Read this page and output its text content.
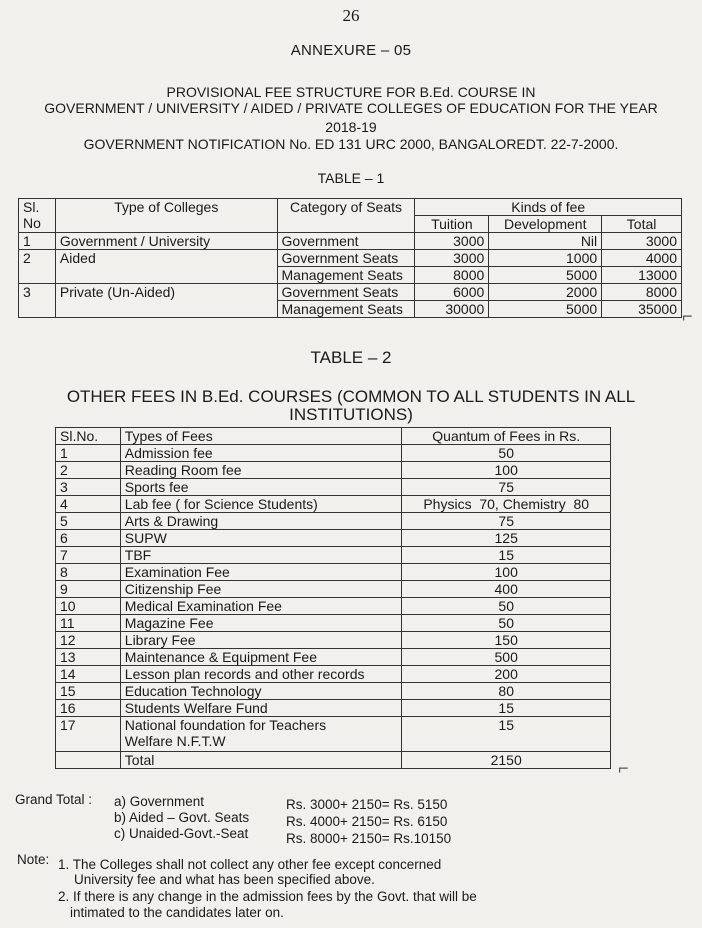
26
ANNEXURE – 05
PROVISIONAL FEE STRUCTURE FOR B.Ed. COURSE IN
GOVERNMENT / UNIVERSITY / AIDED / PRIVATE COLLEGES OF EDUCATION FOR THE YEAR
2018-19
GOVERNMENT NOTIFICATION No. ED 131 URC 2000, BANGALOREDT. 22-7-2000.
TABLE – 1
Sl.
No	Type of Colleges	Category of Seats	Kinds of fee		
			Tuition	Development	Total
1	Government / University	Government	3000	Nil	3000
2	Aided	Government Seats	3000	1000	4000
		Management Seats	8000	5000	13000
3	Private (Un-Aided)	Government Seats	6000	2000	8000
		Management Seats	30000	5000	35000 ⌐
TABLE – 2
OTHER FEES IN B.Ed. COURSES (COMMON TO ALL STUDENTS IN ALL
INSTITUTIONS)
Sl.No.	Types of Fees	Quantum of Fees in Rs.
1	Admission fee	50
2	Reading Room fee	100
3	Sports fee	75
4	Lab fee ( for Science Students)	Physics  70, Chemistry  80
5	Arts & Drawing	75
6	SUPW	125
7	TBF	15
8	Examination Fee	100
9	Citizenship Fee	400
10	Medical Examination Fee	50
11	Magazine Fee	50
12	Library Fee	150
13	Maintenance & Equipment Fee	500
14	Lesson plan records and other records	200
15	Education Technology	80
16	Students Welfare Fund	15
17	National foundation for Teachers
Welfare N.F.T.W	15
	Total	2150	⌐
Grand Total : a) Government	Rs. 3000+ 2150= Rs. 5150
b) Aided – Govt. Seats	Rs. 4000+ 2150= Rs. 6150
c) Unaided-Govt.-Seat	Rs. 8000+ 2150= Rs.10150
Note: 1. The Colleges shall not collect any other fee except concerned
University fee and what has been specified above.
2. If there is any change in the admission fees by the Govt. that will be
intimated to the candidates later on.
